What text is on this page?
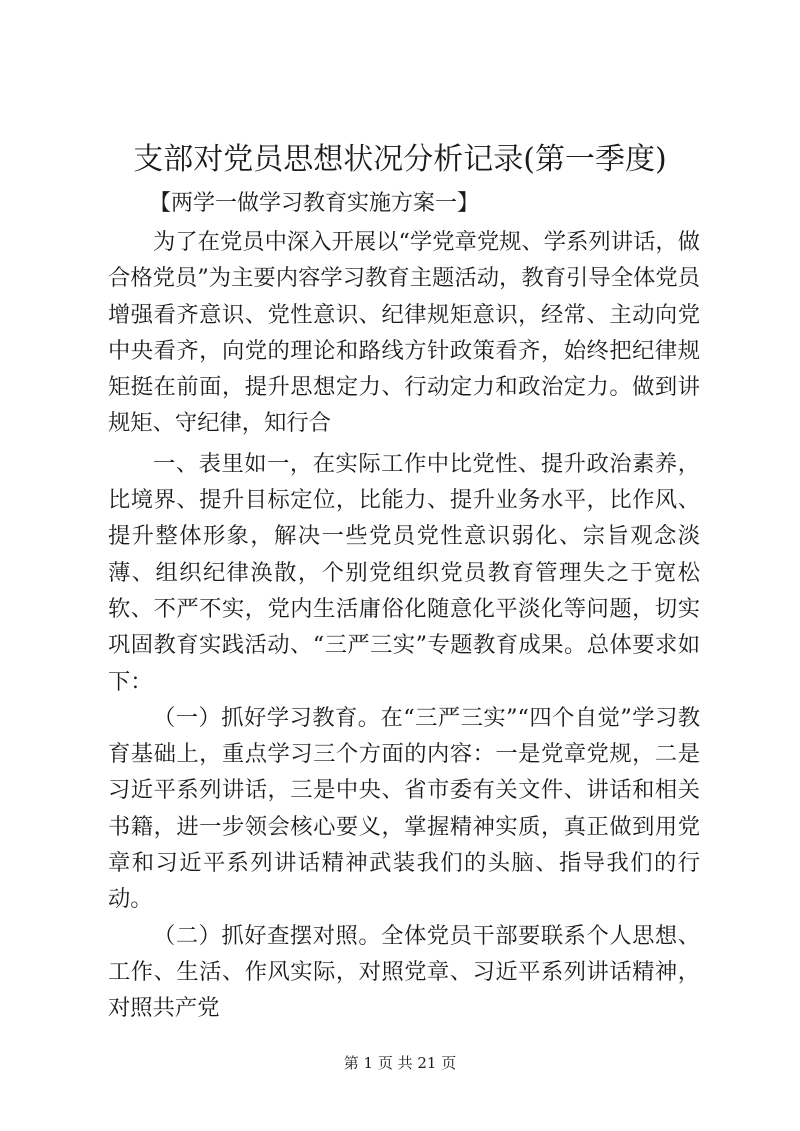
支部对党员思想状况分析记录(第一季度)
【两学一做学习教育实施方案一】

为了在党员中深入开展以“学党章党规、学系列讲话，做合格党员”为主要内容学习教育主题活动，教育引导全体党员增强看齐意识、党性意识、纪律规矩意识，经常、主动向党中央看齐，向党的理论和路线方针政策看齐，始终把纪律规矩挺在前面，提升思想定力、行动定力和政治定力。做到讲规矩、守纪律，知行合

一、表里如一，在实际工作中比党性、提升政治素养，比境界、提升目标定位，比能力、提升业务水平，比作风、提升整体形象，解决一些党员党性意识弱化、宗旨观念淡薄、组织纪律涣散，个别党组织党员教育管理失之于宽松软、不严不实，党内生活庸俗化随意化平淡化等问题，切实巩固教育实践活动、“三严三实”专题教育成果。总体要求如下：

（一）抓好学习教育。在“三严三实”“四个自觉”学习教育基础上，重点学习三个方面的内容：一是党章党规，二是习近平系列讲话，三是中央、省市委有关文件、讲话和相关书籍，进一步领会核心要义，掌握精神实质，真正做到用党章和习近平系列讲话精神武装我们的头脑、指导我们的行动。

（二）抓好查摆对照。全体党员干部要联系个人思想、工作、生活、作风实际，对照党章、习近平系列讲话精神，对照共产党

第 1 页 共 21 页
